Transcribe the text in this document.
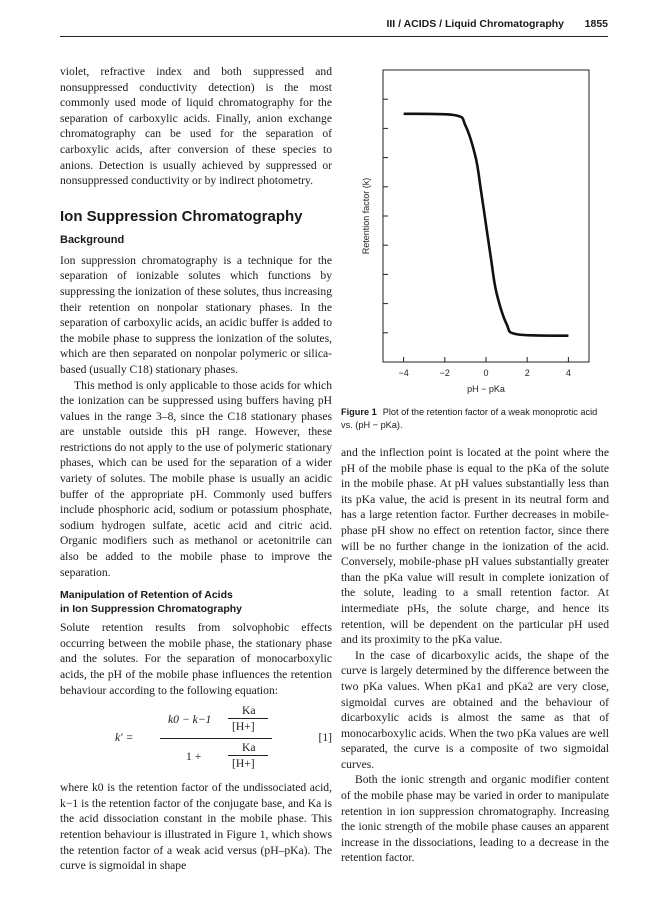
III / ACIDS / Liquid Chromatography 1855

violet, refractive index and both suppressed and nonsuppressed conductivity detection) is the most commonly used mode of liquid chromatography for the separation of carboxylic acids. Finally, anion exchange chromatography can be used for the separation of carboxylic acids, after conversion of these species to anions. Detection is usually achieved by suppressed or nonsuppressed conductivity or by indirect photometry.

Ion Suppression Chromatography
Background

Ion suppression chromatography is a technique for the separation of ionizable solutes which functions by suppressing the ionization of these solutes, thus increasing their retention on nonpolar stationary phases. In the separation of carboxylic acids, an acidic buffer is added to the mobile phase to suppress the ionization of the solutes, which are then separated on nonpolar polymeric or silica-based (usually C18) stationary phases.

This method is only applicable to those acids for which the ionization can be suppressed using buffers having pH values in the range 3–8, since the C18 stationary phases are unstable outside this pH range. However, these restrictions do not apply to the use of polymeric stationary phases, which can be used for the separation of a wider variety of solutes. The mobile phase is usually an acidic buffer of the appropriate pH. Commonly used buffers include phosphoric acid, sodium or potassium phosphate, sodium hydrogen sulfate, acetic acid and citric acid. Organic modifiers such as methanol or acetonitrile can also be added to the mobile phase to improve the separation.

Manipulation of Retention of Acids
in Ion Suppression Chromatography

Solute retention results from solvophobic effects occurring between the mobile phase, the stationary phase and the solutes. For the separation of monocarboxylic acids, the pH of the mobile phase influences the retention behaviour according to the following equation:

k′ =
k0 − k−1
Ka
[H+]
1 +
Ka
[H+]
[1]

where k0 is the retention factor of the undissociated acid, k−1 is the retention factor of the conjugate base, and Ka is the acid dissociation constant in the mobile phase. This retention behaviour is illustrated in Figure 1, which shows the retention factor of a weak acid versus (pH–pKa). The curve is sigmoidal in shape

−4	−2	0	2	4
pH − pKa
Retention factor (k)
Figure 1 Plot of the retention factor of a weak monoprotic acid vs. (pH − pKa).

and the inflection point is located at the point where the pH of the mobile phase is equal to the pKa of the solute in the mobile phase. At pH values substantially less than its pKa value, the acid is present in its neutral form and has a large retention factor. Further decreases in mobile-phase pH show no effect on retention factor, since there will be no further change in the ionization of the acid. Conversely, mobile-phase pH values substantially greater than the pKa value will result in complete ionization of the solute, leading to a small retention factor. At intermediate pHs, the solute charge, and hence its retention, will be dependent on the particular pH used and its proximity to the pKa value.

In the case of dicarboxylic acids, the shape of the curve is largely determined by the difference between the two pKa values. When pKa1 and pKa2 are very close, sigmoidal curves are obtained and the behaviour of dicarboxylic acids is almost the same as that of monocarboxylic acids. When the two pKa values are well separated, the curve is a composite of two sigmoidal curves.

Both the ionic strength and organic modifier content of the mobile phase may be varied in order to manipulate retention in ion suppression chromatography. Increasing the ionic strength of the mobile phase causes an apparent increase in the dissociations, leading to a decrease in the retention factor.
